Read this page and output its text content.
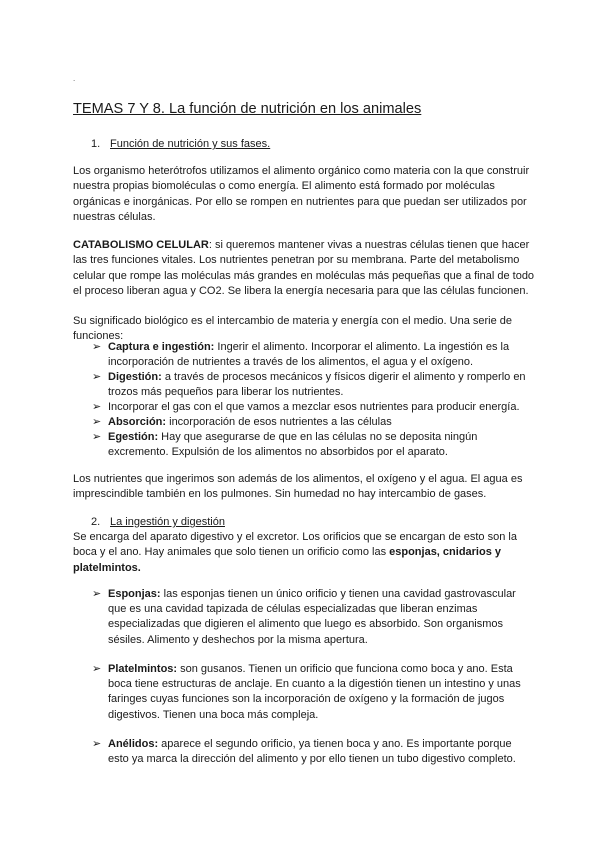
.
TEMAS 7 Y 8. La función de nutrición en los animales
1. Función de nutrición y sus fases.

Los organismo heterótrofos utilizamos el alimento orgánico como materia con la que construir nuestra propias biomoléculas o como energía. El alimento está formado por moléculas orgánicas e inorgánicas. Por ello se rompen en nutrientes para que puedan ser utilizados por nuestras células.

CATABOLISMO CELULAR: si queremos mantener vivas a nuestras células tienen que hacer las tres funciones vitales. Los nutrientes penetran por su membrana. Parte del metabolismo celular que rompe las moléculas más grandes en moléculas más pequeñas que a final de todo el proceso liberan agua y CO2. Se libera la energía necesaria para que las células funcionen.

Su significado biológico es el intercambio de materia y energía con el medio. Una serie de funciones:

➢ Captura e ingestión: Ingerir el alimento. Incorporar el alimento. La ingestión es la incorporación de nutrientes a través de los alimentos, el agua y el oxígeno.
➢ Digestión: a través de procesos mecánicos y físicos digerir el alimento y romperlo en trozos más pequeños para liberar los nutrientes.
➢ Incorporar el gas con el que vamos a mezclar esos nutrientes para producir energía.
➢ Absorción: incorporación de esos nutrientes a las células
➢ Egestión: Hay que asegurarse de que en las células no se deposita ningún excremento. Expulsión de los alimentos no absorbidos por el aparato.

Los nutrientes que ingerimos son además de los alimentos, el oxígeno y el agua. El agua es imprescindible también en los pulmones. Sin humedad no hay intercambio de gases.

2. La ingestión y digestión

Se encarga del aparato digestivo y el excretor. Los orificios que se encargan de esto son la boca y el ano. Hay animales que solo tienen un orificio como las esponjas, cnidarios y platelmintos.

➢ Esponjas: las esponjas tienen un único orificio y tienen una cavidad gastrovascular que es una cavidad tapizada de células especializadas que liberan enzimas especializadas que digieren el alimento que luego es absorbido. Son organismos sésiles. Alimento y deshechos por la misma apertura.
➢ Platelmintos: son gusanos. Tienen un orificio que funciona como boca y ano. Esta boca tiene estructuras de anclaje. En cuanto a la digestión tienen un intestino y unas faringes cuyas funciones son la incorporación de oxígeno y la formación de jugos digestivos. Tienen una boca más compleja.
➢ Anélidos: aparece el segundo orificio, ya tienen boca y ano. Es importante porque esto ya marca la dirección del alimento y por ello tienen un tubo digestivo completo.
